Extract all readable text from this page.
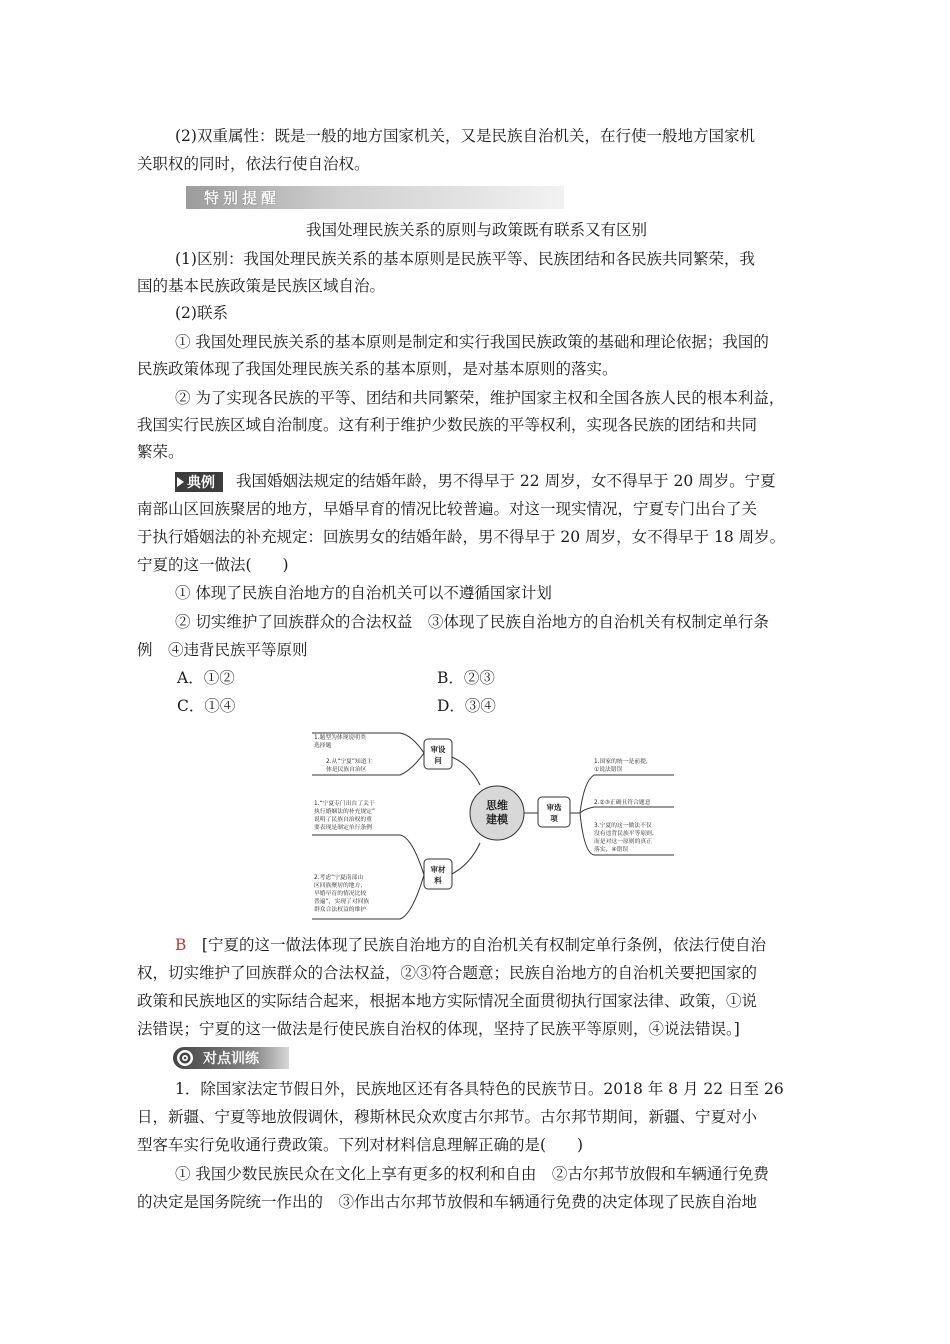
(2)双重属性：既是一般的地方国家机关，又是民族自治机关，在行使一般地方国家机
关职权的同时，依法行使自治权。
特别提醒
我国处理民族关系的原则与政策既有联系又有区别
(1)区别：我国处理民族关系的基本原则是民族平等、民族团结和各民族共同繁荣，我
国的基本民族政策是民族区域自治。
(2)联系
① 我国处理民族关系的基本原则是制定和实行我国民族政策的基础和理论依据；我国的
民族政策体现了我国处理民族关系的基本原则，是对基本原则的落实。
② 为了实现各民族的平等、团结和共同繁荣，维护国家主权和全国各族人民的根本利益，
我国实行民族区域自治制度。这有利于维护少数民族的平等权利，实现各民族的团结和共同
繁荣。
典例 我国婚姻法规定的结婚年龄，男不得早于 22 周岁，女不得早于 20 周岁。宁夏
南部山区回族聚居的地方，早婚早育的情况比较普遍。对这一现实情况，宁夏专门出台了关
于执行婚姻法的补充规定：回族男女的结婚年龄，男不得早于 20 周岁，女不得早于 18 周岁。
宁夏的这一做法(　　)
① 体现了民族自治地方的自治机关可以不遵循国家计划
② 切实维护了回族群众的合法权益　③体现了民族自治地方的自治机关有权制定单行条
例　④违背民族平等原则
A．①②	B．②③
C．①④	D．③④
思维
建模
审设
问
审材
料
审选
项
1.题型为体现说明类
选择题
2.从“宁夏”知道主
体是民族自治区
1.“宁夏专门出台了关于
执行婚姻法的补充规定”
说明了民族自治权的重
要表现是制定单行条例
2.考虑“宁夏南部山
区回族聚居的地方,
早婚早育的情况比较
普遍”，实现了对回族
群众合法权益的维护
1.国家的统一是前提,
①说法错误
2.②③正确且符合题意
3.宁夏的这一做法不仅
没有违背民族平等原则,
而是对这一原则的真正
落实，④错误
B　 [宁夏的这一做法体现了民族自治地方的自治机关有权制定单行条例，依法行使自治
权，切实维护了回族群众的合法权益，②③符合题意；民族自治地方的自治机关要把国家的
政策和民族地区的实际结合起来，根据本地方实际情况全面贯彻执行国家法律、政策，①说
法错误；宁夏的这一做法是行使民族自治权的体现，坚持了民族平等原则，④说法错误。]
对点训练
1．除国家法定节假日外，民族地区还有各具特色的民族节日。2018 年 8 月 22 日至 26
日，新疆、宁夏等地放假调休，穆斯林民众欢度古尔邦节。古尔邦节期间，新疆、宁夏对小
型客车实行免收通行费政策。下列对材料信息理解正确的是(　　)
① 我国少数民族民众在文化上享有更多的权利和自由　②古尔邦节放假和车辆通行免费
的决定是国务院统一作出的　③作出古尔邦节放假和车辆通行免费的决定体现了民族自治地
